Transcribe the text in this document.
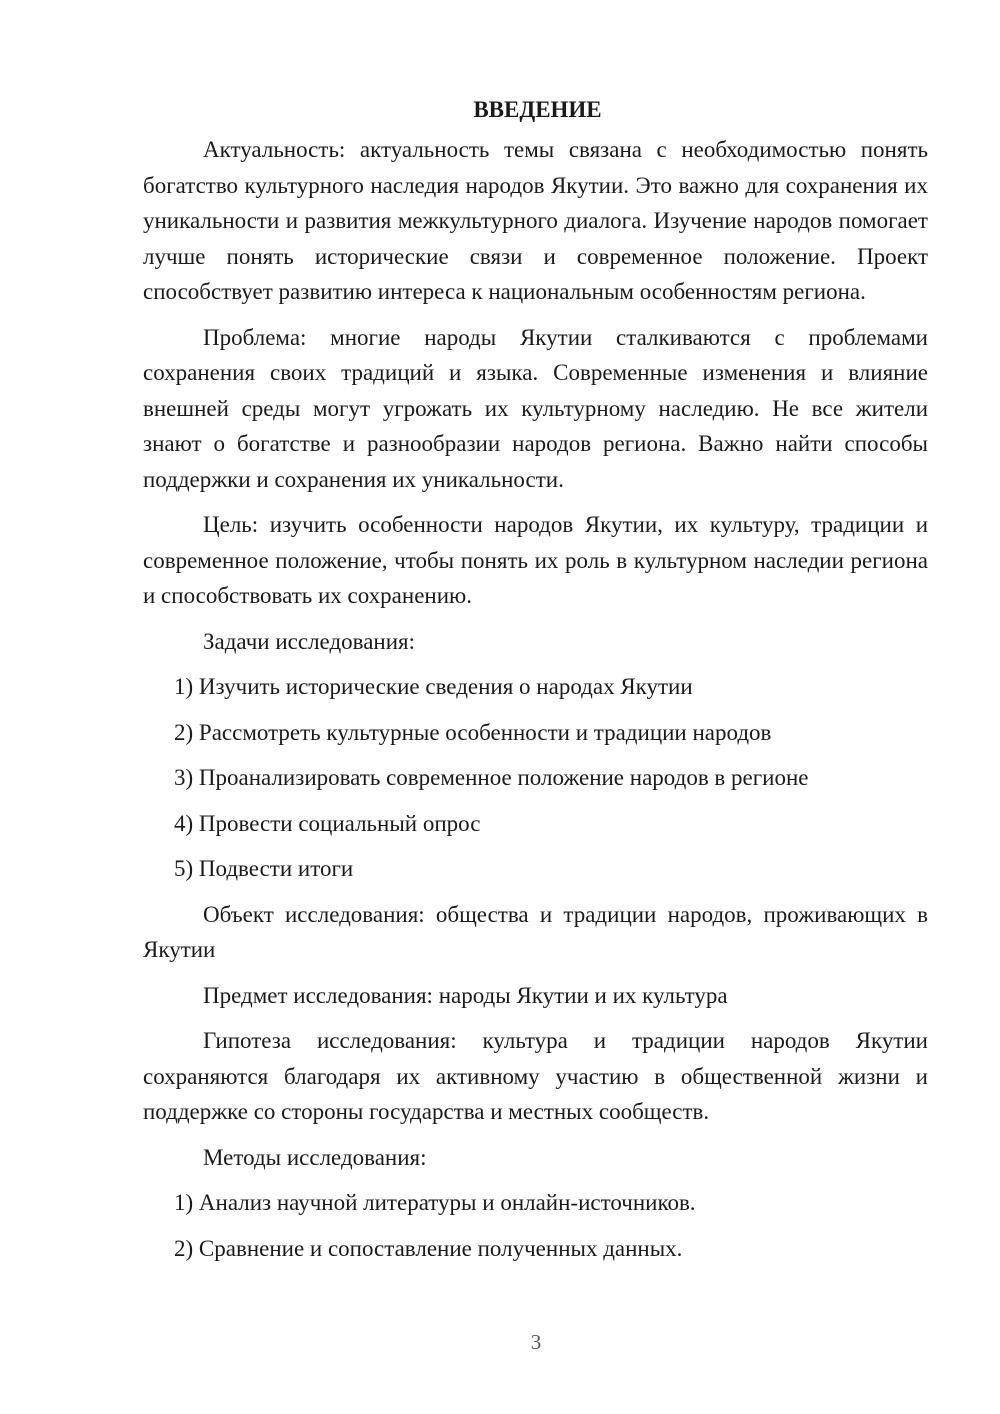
ВВЕДЕНИЕ

Актуальность: актуальность темы связана с необходимостью понять богатство культурного наследия народов Якутии. Это важно для сохранения их уникальности и развития межкультурного диалога. Изучение народов помогает лучше понять исторические связи и современное положение. Проект способствует развитию интереса к национальным особенностям региона.

Проблема: многие народы Якутии сталкиваются с проблемами сохранения своих традиций и языка. Современные изменения и влияние внешней среды могут угрожать их культурному наследию. Не все жители знают о богатстве и разнообразии народов региона. Важно найти способы поддержки и сохранения их уникальности.

Цель: изучить особенности народов Якутии, их культуру, традиции и современное положение, чтобы понять их роль в культурном наследии региона и способствовать их сохранению.

Задачи исследования:

1) Изучить исторические сведения о народах Якутии
2) Рассмотреть культурные особенности и традиции народов
3) Проанализировать современное положение народов в регионе
4) Провести социальный опрос
5) Подвести итоги

Объект исследования: общества и традиции народов, проживающих в Якутии

Предмет исследования: народы Якутии и их культура

Гипотеза исследования: культура и традиции народов Якутии сохраняются благодаря их активному участию в общественной жизни и поддержке со стороны государства и местных сообществ.

Методы исследования:

1) Анализ научной литературы и онлайн-источников.
2) Сравнение и сопоставление полученных данных.
3
